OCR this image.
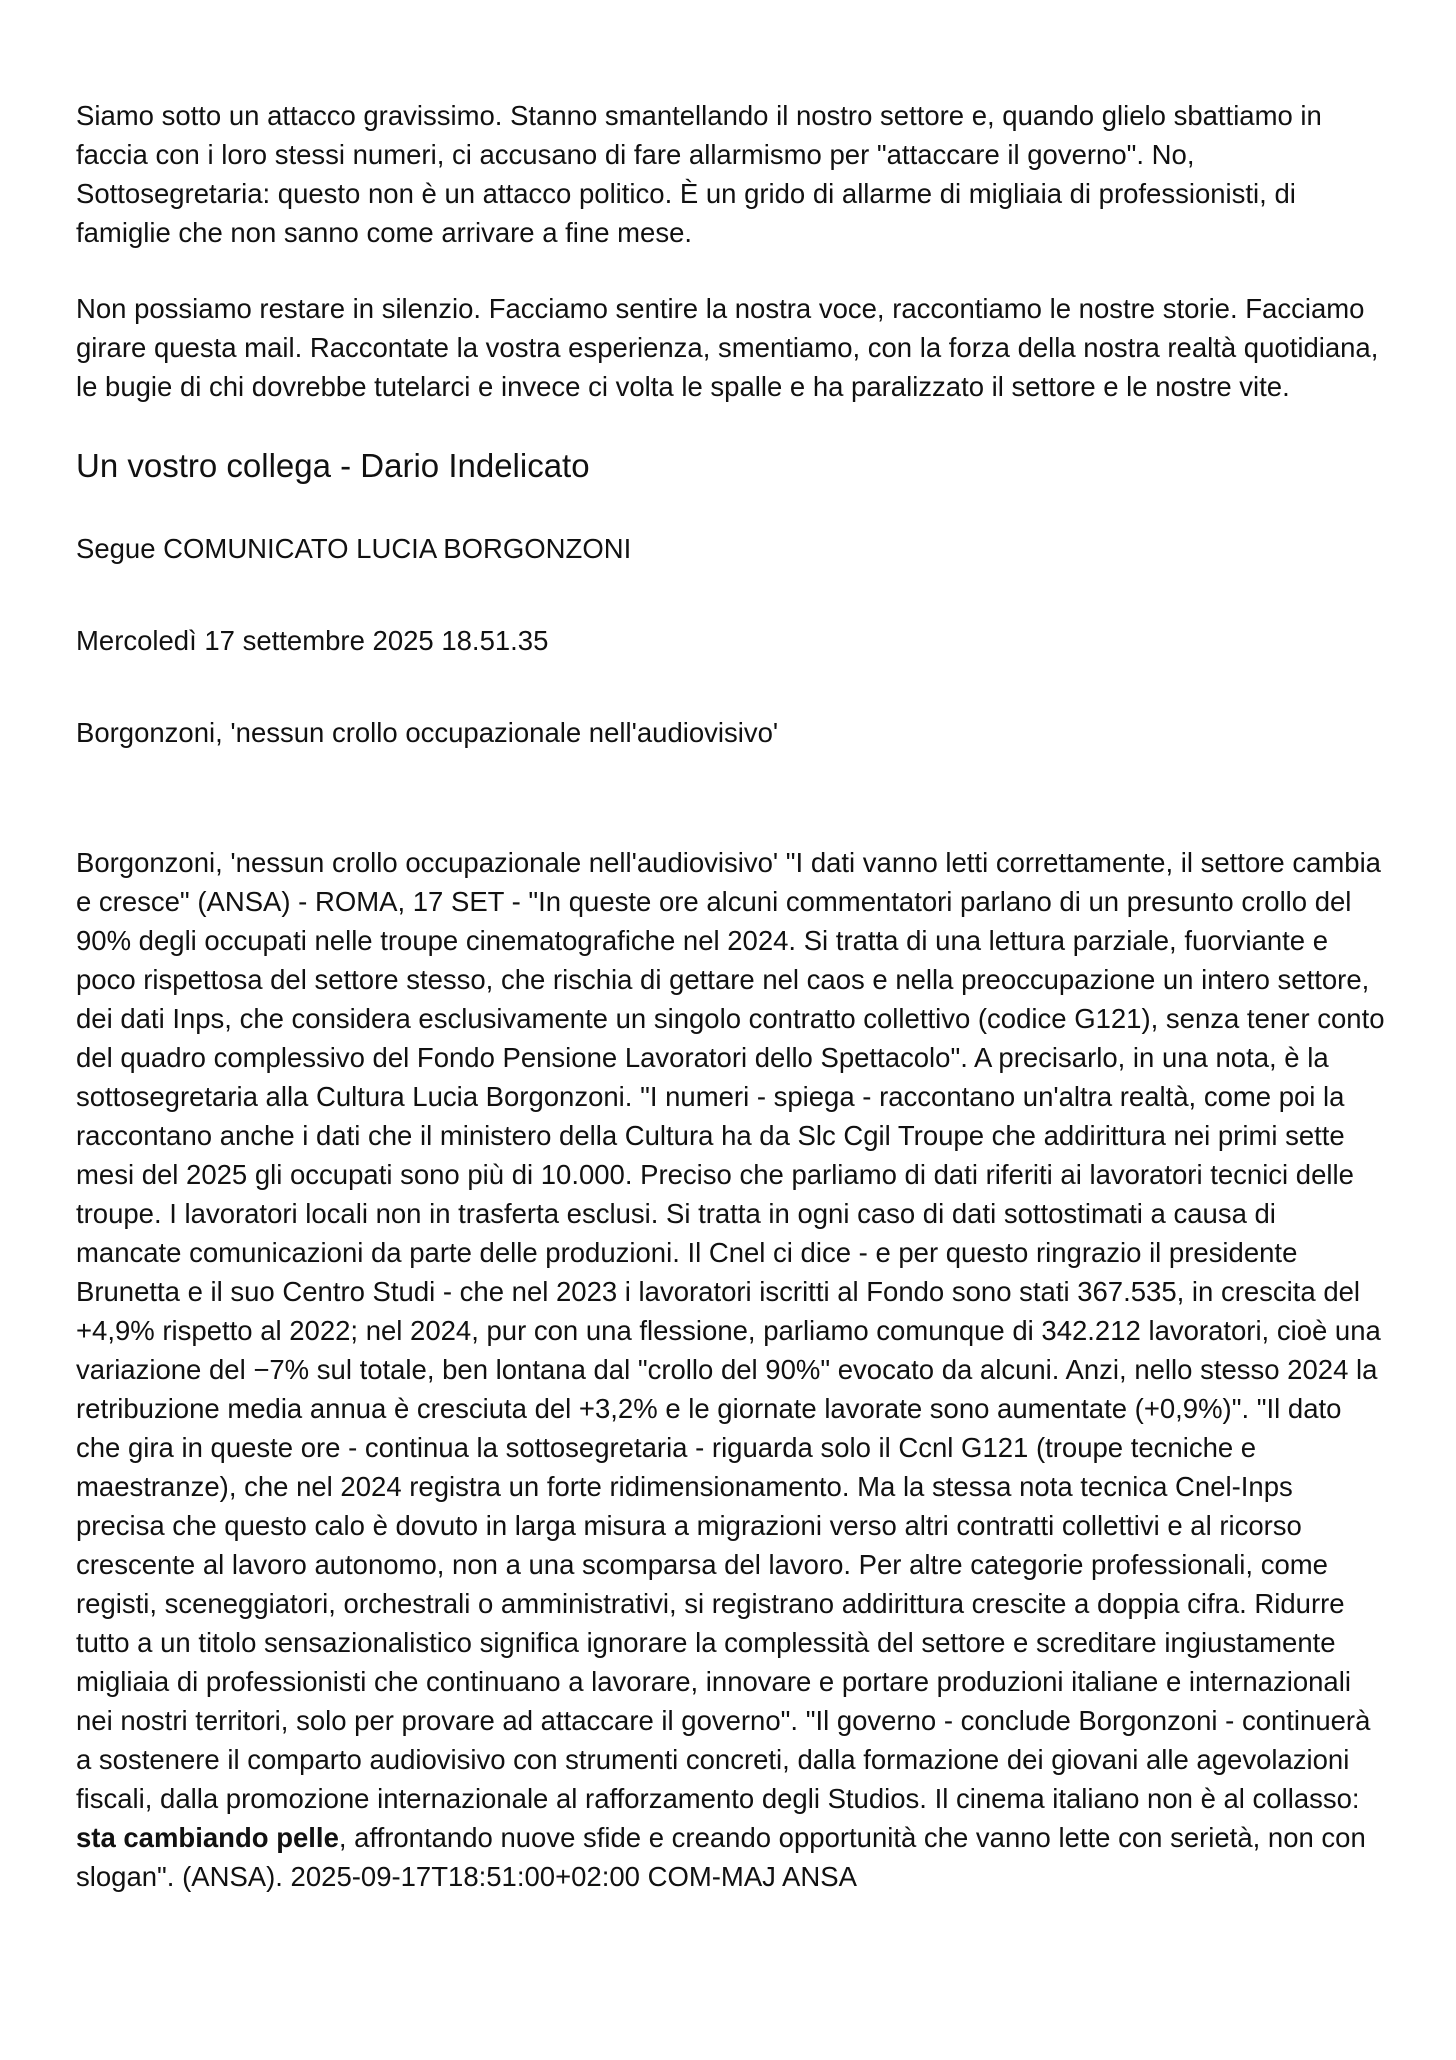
Siamo sotto un attacco gravissimo. Stanno smantellando il nostro settore e, quando glielo sbattiamo in faccia con i loro stessi numeri, ci accusano di fare allarmismo per "attaccare il governo". No, Sottosegretaria: questo non è un attacco politico. È un grido di allarme di migliaia di professionisti, di famiglie che non sanno come arrivare a fine mese.

Non possiamo restare in silenzio. Facciamo sentire la nostra voce, raccontiamo le nostre storie. Facciamo girare questa mail. Raccontate la vostra esperienza, smentiamo, con la forza della nostra realtà quotidiana, le bugie di chi dovrebbe tutelarci e invece ci volta le spalle e ha paralizzato il settore e le nostre vite.

Un vostro collega - Dario Indelicato

Segue COMUNICATO LUCIA BORGONZONI

Mercoledì 17 settembre 2025 18.51.35

Borgonzoni, 'nessun crollo occupazionale nell'audiovisivo'

Borgonzoni, 'nessun crollo occupazionale nell'audiovisivo' "I dati vanno letti correttamente, il settore cambia e cresce" (ANSA) - ROMA, 17 SET - "In queste ore alcuni commentatori parlano di un presunto crollo del 90% degli occupati nelle troupe cinematografiche nel 2024. Si tratta di una lettura parziale, fuorviante e poco rispettosa del settore stesso, che rischia di gettare nel caos e nella preoccupazione un intero settore, dei dati Inps, che considera esclusivamente un singolo contratto collettivo (codice G121), senza tener conto del quadro complessivo del Fondo Pensione Lavoratori dello Spettacolo". A precisarlo, in una nota, è la sottosegretaria alla Cultura Lucia Borgonzoni. "I numeri - spiega - raccontano un'altra realtà, come poi la raccontano anche i dati che il ministero della Cultura ha da Slc Cgil Troupe che addirittura nei primi sette mesi del 2025 gli occupati sono più di 10.000. Preciso che parliamo di dati riferiti ai lavoratori tecnici delle troupe. I lavoratori locali non in trasferta esclusi. Si tratta in ogni caso di dati sottostimati a causa di mancate comunicazioni da parte delle produzioni. Il Cnel ci dice - e per questo ringrazio il presidente Brunetta e il suo Centro Studi - che nel 2023 i lavoratori iscritti al Fondo sono stati 367.535, in crescita del +4,9% rispetto al 2022; nel 2024, pur con una flessione, parliamo comunque di 342.212 lavoratori, cioè una variazione del −7% sul totale, ben lontana dal "crollo del 90%" evocato da alcuni. Anzi, nello stesso 2024 la retribuzione media annua è cresciuta del +3,2% e le giornate lavorate sono aumentate (+0,9%)". "Il dato che gira in queste ore - continua la sottosegretaria - riguarda solo il Ccnl G121 (troupe tecniche e maestranze), che nel 2024 registra un forte ridimensionamento. Ma la stessa nota tecnica Cnel-Inps precisa che questo calo è dovuto in larga misura a migrazioni verso altri contratti collettivi e al ricorso crescente al lavoro autonomo, non a una scomparsa del lavoro. Per altre categorie professionali, come registi, sceneggiatori, orchestrali o amministrativi, si registrano addirittura crescite a doppia cifra. Ridurre tutto a un titolo sensazionalistico significa ignorare la complessità del settore e screditare ingiustamente migliaia di professionisti che continuano a lavorare, innovare e portare produzioni italiane e internazionali nei nostri territori, solo per provare ad attaccare il governo". "Il governo - conclude Borgonzoni - continuerà a sostenere il comparto audiovisivo con strumenti concreti, dalla formazione dei giovani alle agevolazioni fiscali, dalla promozione internazionale al rafforzamento degli Studios. Il cinema italiano non è al collasso: sta cambiando pelle, affrontando nuove sfide e creando opportunità che vanno lette con serietà, non con slogan". (ANSA). 2025-09-17T18:51:00+02:00 COM-MAJ ANSA
